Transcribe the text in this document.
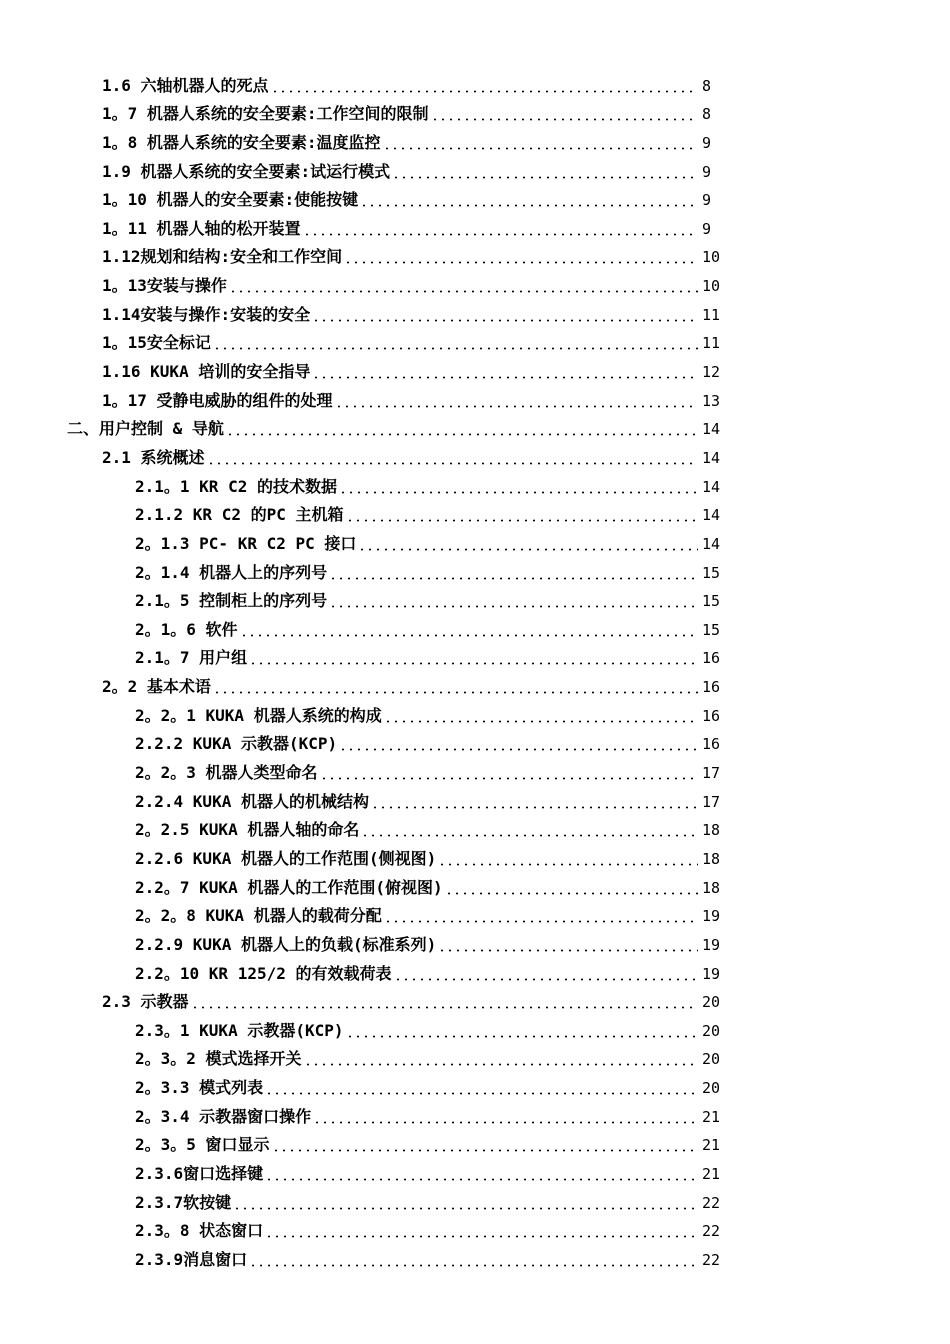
1.6 六轴机器人的死点	8
1。7 机器人系统的安全要素:工作空间的限制	8
1。8 机器人系统的安全要素:温度监控	9
1.9 机器人系统的安全要素:试运行模式	9
1。10 机器人的安全要素:使能按键	9
1。11 机器人轴的松开装置	9
1.12规划和结构:安全和工作空间	10
1。13安装与操作	10
1.14安装与操作:安装的安全	11
1。15安全标记	11
1.16 KUKA 培训的安全指导	12
1。17 受静电威胁的组件的处理	13
二、用户控制 & 导航	14
2.1 系统概述	14
2.1。1 KR C2 的技术数据	14
2.1.2 KR C2 的PC 主机箱	14
2。1.3 PC- KR C2 PC 接口	14
2。1.4 机器人上的序列号	15
2.1。5 控制柜上的序列号	15
2。1。6 软件	15
2.1。7 用户组	16
2。2 基本术语	16
2。2。1 KUKA 机器人系统的构成	16
2.2.2 KUKA 示教器(KCP)	16
2。2。3 机器人类型命名	17
2.2.4 KUKA 机器人的机械结构	17
2。2.5 KUKA 机器人轴的命名	18
2.2.6 KUKA 机器人的工作范围(侧视图)	18
2.2。7 KUKA 机器人的工作范围(俯视图)	18
2。2。8 KUKA 机器人的载荷分配	19
2.2.9 KUKA 机器人上的负载(标准系列)	19
2.2。10 KR 125/2 的有效载荷表	19
2.3 示教器	20
2.3。1 KUKA 示教器(KCP)	20
2。3。2 模式选择开关	20
2。3.3 模式列表	20
2。3.4 示教器窗口操作	21
2。3。5 窗口显示	21
2.3.6窗口选择键	21
2.3.7软按键	22
2.3。8 状态窗口	22
2.3.9消息窗口	22
